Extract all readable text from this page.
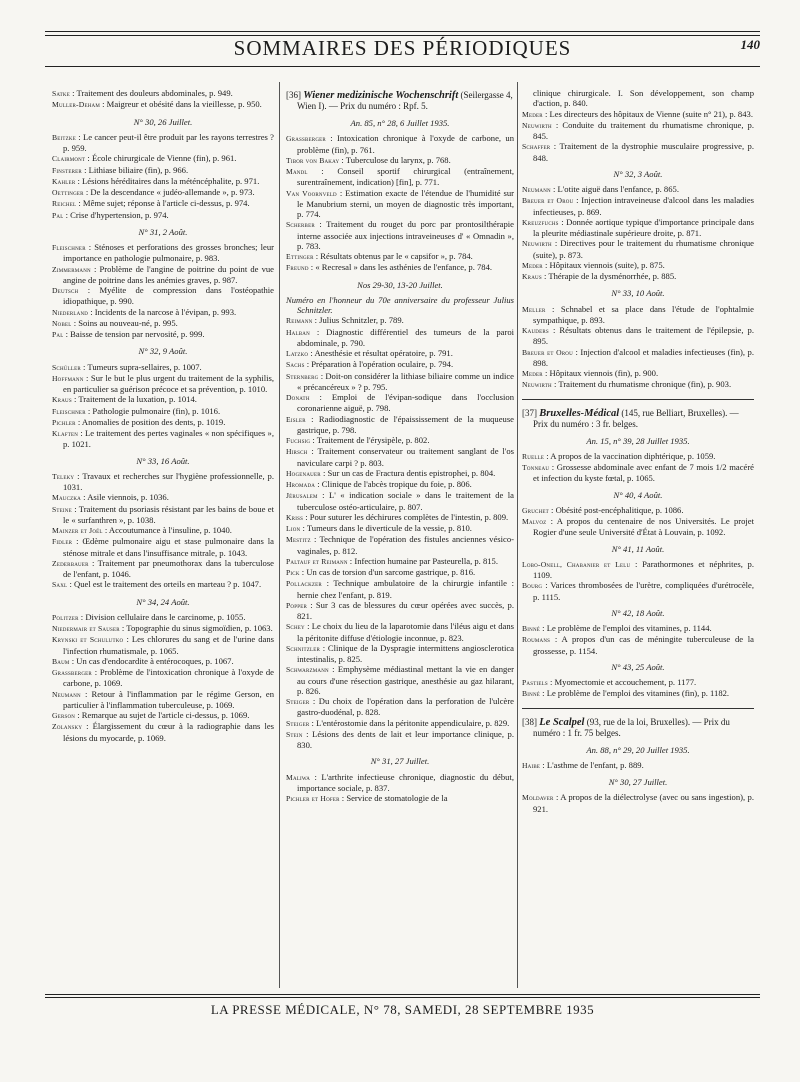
SOMMAIRES DES PÉRIODIQUES	140

Satke : Traitement des douleurs abdominales, p. 949.

Muller-Deham : Maigreur et obésité dans la vieillesse, p. 950.

N° 30, 26 Juillet.

Beitzke : Le cancer peut-il être produit par les rayons terrestres ? p. 959.

Clairmont : École chirurgicale de Vienne (fin), p. 961.

Finsterer : Lithiase biliaire (fin), p. 966.

Kahler : Lésions héréditaires dans la météncéphalite, p. 971.

Oettinger : De la descendance « judéo-allemande », p. 973.

Reichel : Même sujet; réponse à l'article ci-dessus, p. 974.

Pal : Crise d'hypertension, p. 974.

N° 31, 2 Août.

Fleischner : Sténoses et perforations des grosses bronches; leur importance en pathologie pulmonaire, p. 983.

Zimmermann : Problème de l'angine de poitrine du point de vue angine de poitrine dans les anémies graves, p. 987.

Deutsch : Myélite de compression dans l'ostéopathie idiopathique, p. 990.

Niederland : Incidents de la narcose à l'évipan, p. 993.

Nobel : Soins au nouveau-né, p. 995.

Pal : Baisse de tension par nervosité, p. 999.

N° 32, 9 Août.

Schüller : Tumeurs supra-sellaires, p. 1007.

Hoffmann : Sur le but le plus urgent du traitement de la syphilis, en particulier sa guérison précoce et sa prévention, p. 1010.

Kraus : Traitement de la luxation, p. 1014.

Fleischner : Pathologie pulmonaire (fin), p. 1016.

Pichler : Anomalies de position des dents, p. 1019.

Klaften : Le traitement des pertes vaginales « non spécifiques », p. 1021.

N° 33, 16 Août.

Teleky : Travaux et recherches sur l'hygiène professionnelle, p. 1031.

Mauczka : Asile viennois, p. 1036.

Steine : Traitement du psoriasis résistant par les bains de boue et le « surfanthren », p. 1038.

Mainzer et Joël : Accoutumance à l'insuline, p. 1040.

Fidler : Œdème pulmonaire aigu et stase pulmonaire dans la sténose mitrale et dans l'insuffisance mitrale, p. 1043.

Zederbauer : Traitement par pneumothorax dans la tuberculose de l'enfant, p. 1046.

Saxl : Quel est le traitement des orteils en marteau ? p. 1047.

N° 34, 24 Août.

Politzer : Division cellulaire dans le carcinome, p. 1055.

Niedermair et Sauser : Topographie du sinus sigmoïdien, p. 1063.

Krynski et Schulutko : Les chlorures du sang et de l'urine dans l'infection rhumatismale, p. 1065.

Baum : Un cas d'endocardite à entérocoques, p. 1067.

Grassberger : Problème de l'intoxication chronique à l'oxyde de carbone, p. 1069.

Neumann : Retour à l'inflammation par le régime Gerson, en particulier à l'inflammation tuberculeuse, p. 1069.

Gerson : Remarque au sujet de l'article ci-dessus, p. 1069.

Zolansky : Élargissement du cœur à la radiographie dans les lésions du myocarde, p. 1069.

[36] Wiener medizinische Wochenschrift (Seilergasse 4, Wien I). — Prix du numéro : Rpf. 5.

An. 85, n° 28, 6 Juillet 1935.

Grassberger : Intoxication chronique à l'oxyde de carbone, un problème (fin), p. 761.

Tibor von Bakay : Tuberculose du larynx, p. 768.

Mandl : Conseil sportif chirurgical (entraînement, surentraînement, indication) [fin], p. 771.

Van Voornveld : Estimation exacte de l'étendue de l'humidité sur le Manubrium sterni, un moyen de diagnostic très important, p. 774.

Scherber : Traitement du rouget du porc par prontosilthérapie interne associée aux injections intraveineuses d' « Omnadin », p. 783.

Ettinger : Résultats obtenus par le « capsifor », p. 784.

Freund : « Recresal » dans les asthénies de l'enfance, p. 784.

Nos 29-30, 13-20 Juillet.

Numéro en l'honneur du 70e anniversaire du professeur Julius Schnitzler.

Reimann : Julius Schnitzler, p. 789.

Halban : Diagnostic différentiel des tumeurs de la paroi abdominale, p. 790.

Latzko : Anesthésie et résultat opératoire, p. 791.

Sachs : Préparation à l'opération oculaire, p. 794.

Sternberg : Doit-on considérer la lithiase biliaire comme un indice « précancéreux » ? p. 795.

Donath : Emploi de l'évipan-sodique dans l'occlusion coronarienne aiguë, p. 798.

Eisler : Radiodiagnostic de l'épaississement de la muqueuse gastrique, p. 798.

Fuchsig : Traitement de l'érysipèle, p. 802.

Hirsch : Traitement conservateur ou traitement sanglant de l'os naviculare carpi ? p. 803.

Hogenauer : Sur un cas de Fractura dentis epistrophei, p. 804.

Hromada : Clinique de l'abcès tropique du foie, p. 806.

Jérusalem : L' « indication sociale » dans le traitement de la tuberculose ostéo-articulaire, p. 807.

Kriss : Pour suturer les déchirures complètes de l'intestin, p. 809.

Lion : Tumeurs dans le diverticule de la vessie, p. 810.

Mestitz : Technique de l'opération des fistules anciennes vésico-vaginales, p. 812.

Paltauf et Reimann : Infection humaine par Pasteurella, p. 815.

Pick : Un cas de torsion d'un sarcome gastrique, p. 816.

Pollackzer : Technique ambulatoire de la chirurgie infantile : hernie chez l'enfant, p. 819.

Popper : Sur 3 cas de blessures du cœur opérées avec succès, p. 821.

Schey : Le choix du lieu de la laparotomie dans l'iléus aigu et dans la péritonite diffuse d'étiologie inconnue, p. 823.

Schnitzler : Clinique de la Dyspragie intermittens angiosclerotica intestinalis, p. 825.

Schwarzmann : Emphysème médiastinal mettant la vie en danger au cours d'une résection gastrique, anesthésie au gaz hilarant, p. 826.

Steiger : Du choix de l'opération dans la perforation de l'ulcère gastro-duodénal, p. 828.

Steiger : L'entérostomie dans la péritonite appendiculaire, p. 829.

Stein : Lésions des dents de lait et leur importance clinique, p. 830.

N° 31, 27 Juillet.

Maliwa : L'arthrite infectieuse chronique, diagnostic du début, importance sociale, p. 837.

Pichler et Hofer : Service de stomatologie de la

clinique chirurgicale. I. Son développement, son champ d'action, p. 840.

Meder : Les directeurs des hôpitaux de Vienne (suite n° 21), p. 843.

Neuwirth : Conduite du traitement du rhumatisme chronique, p. 845.

Schaffer : Traitement de la dystrophie musculaire progressive, p. 848.

N° 32, 3 Août.

Neumann : L'otite aiguë dans l'enfance, p. 865.

Breuer et Orou : Injection intraveineuse d'alcool dans les maladies infectieuses, p. 869.

Kreuzfuchs : Donnée aortique typique d'importance principale dans la pleurite médiastinale supérieure droite, p. 871.

Neuwirth : Directives pour le traitement du rhumatisme chronique (suite), p. 873.

Meder : Hôpitaux viennois (suite), p. 875.

Kraus : Thérapie de la dysménorrhée, p. 885.

N° 33, 10 Août.

Meller : Schnabel et sa place dans l'étude de l'ophtalmie sympathique, p. 893.

Kauders : Résultats obtenus dans le traitement de l'épilepsie, p. 895.

Breuer et Orou : Injection d'alcool et maladies infectieuses (fin), p. 898.

Meder : Hôpitaux viennois (fin), p. 900.

Neuwirth : Traitement du rhumatisme chronique (fin), p. 903.

[37] Bruxelles-Médical (145, rue Belliart, Bruxelles). — Prix du numéro : 3 fr. belges.

An. 15, n° 39, 28 Juillet 1935.

Ruelle : A propos de la vaccination diphtérique, p. 1059.

Tonneau : Grossesse abdominale avec enfant de 7 mois 1/2 macéré et infection du kyste fœtal, p. 1065.

N° 40, 4 Août.

Gruchet : Obésité post-encéphalitique, p. 1086.

Malvoz : A propos du centenaire de nos Universités. Le projet Rogier d'une seule Université d'État à Louvain, p. 1092.

N° 41, 11 Août.

Lobo-Onell, Chabanier et Lelu : Parathormones et néphrites, p. 1109.

Bourg : Varices thrombosées de l'urètre, compliquées d'urétrocèle, p. 1115.

N° 42, 18 Août.

Binné : Le problème de l'emploi des vitamines, p. 1144.

Roumans : A propos d'un cas de méningite tuberculeuse de la grossesse, p. 1154.

N° 43, 25 Août.

Pastiels : Myomectomie et accouchement, p. 1177.

Binné : Le problème de l'emploi des vitamines (fin), p. 1182.

[38] Le Scalpel (93, rue de la loi, Bruxelles). — Prix du numéro : 1 fr. 75 belges.

An. 88, n° 29, 20 Juillet 1935.

Haibe : L'asthme de l'enfant, p. 889.

N° 30, 27 Juillet.

Moldaver : A propos de la diélectrolyse (avec ou sans ingestion), p. 921.

LA PRESSE MÉDICALE, N° 78, SAMEDI, 28 SEPTEMBRE 1935
